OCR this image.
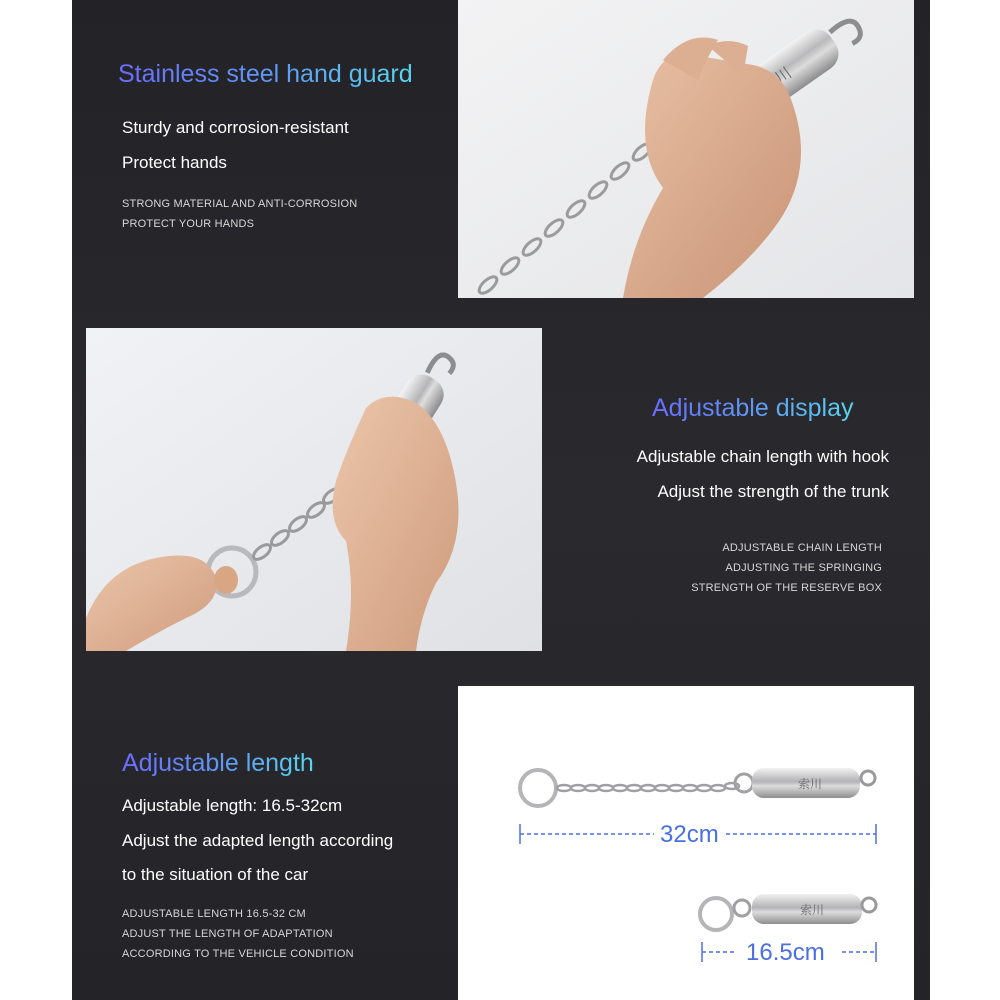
Stainless steel hand guard
Sturdy and corrosion-resistant
Protect hands
STRONG MATERIAL AND ANTI-CORROSION
PROTECT YOUR HANDS
Adjustable display
Adjustable chain length with hook
Adjust the strength of the trunk
ADJUSTABLE CHAIN LENGTH
ADJUSTING THE SPRINGING
STRENGTH OF THE RESERVE BOX
Adjustable length
Adjustable length: 16.5-32cm
Adjust the adapted length according
to the situation of the car
ADJUSTABLE LENGTH 16.5-32 CM
ADJUST THE LENGTH OF ADAPTATION
ACCORDING TO THE VEHICLE CONDITION
索川
索川
32cm
16.5cm
